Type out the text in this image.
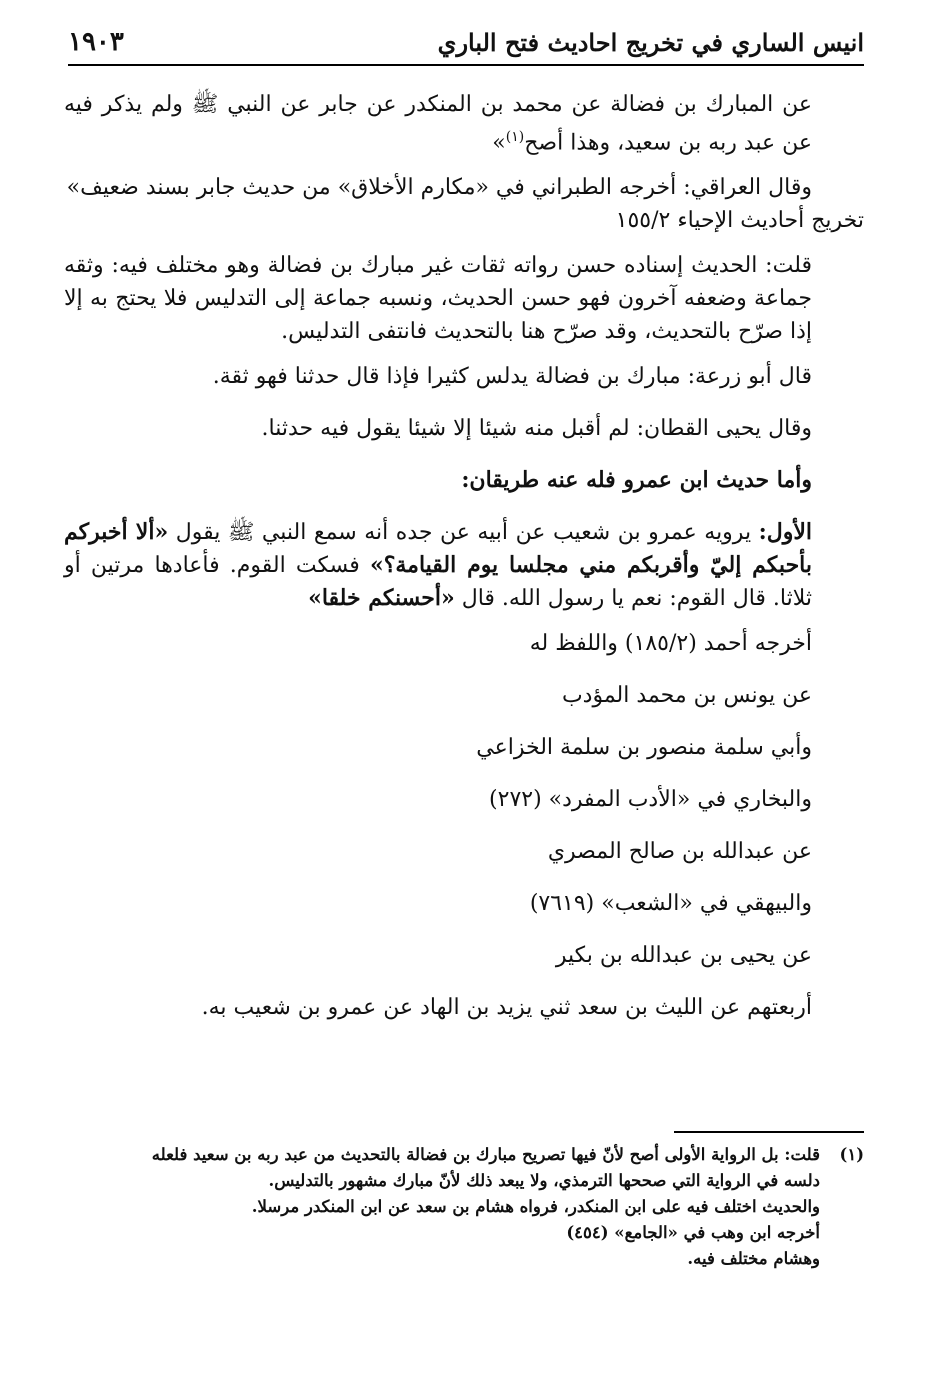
انيس الساري في تخريج احاديث فتح الباري
١٩٠٣

عن المبارك بن فضالة عن محمد بن المنكدر عن جابر عن النبي ﷺ ولم يذكر فيه عن عبد ربه بن سعيد، وهذا أصح$^{(١)}$»

وقال العراقي: أخرجه الطبراني في «مكارم الأخلاق» من حديث جابر بسند ضعيف»
تخريج أحاديث الإحياء ١٥٥/٢

قلت: الحديث إسناده حسن رواته ثقات غير مبارك بن فضالة وهو مختلف فيه: وثقه جماعة وضعفه آخرون فهو حسن الحديث، ونسبه جماعة إلى التدليس فلا يحتج به إلا إذا صرّح بالتحديث، وقد صرّح هنا بالتحديث فانتفى التدليس.

قال أبو زرعة: مبارك بن فضالة يدلس كثيرا فإذا قال حدثنا فهو ثقة.

وقال يحيى القطان: لم أقبل منه شيئا إلا شيئا يقول فيه حدثنا.

وأما حديث ابن عمرو فله عنه طريقان:

الأول: يرويه عمرو بن شعيب عن أبيه عن جده أنه سمع النبي ﷺ يقول «ألا أخبركم بأحبكم إليّ وأقربكم مني مجلسا يوم القيامة؟» فسكت القوم. فأعادها مرتين أو ثلاثا. قال القوم: نعم يا رسول الله. قال «أحسنكم خلقا»

أخرجه أحمد (١٨٥/٢) واللفظ له

عن يونس بن محمد المؤدب

وأبي سلمة منصور بن سلمة الخزاعي

والبخاري في «الأدب المفرد» (٢٧٢)

عن عبدالله بن صالح المصري

والبيهقي في «الشعب» (٧٦١٩)

عن يحيى بن عبدالله بن بكير

أربعتهم عن الليث بن سعد ثني يزيد بن الهاد عن عمرو بن شعيب به.

(١)
قلت: بل الرواية الأولى أصح لأنّ فيها تصريح مبارك بن فضالة بالتحديث من عبد ربه بن سعيد فلعله
دلسه في الرواية التي صححها الترمذي، ولا يبعد ذلك لأنّ مبارك مشهور بالتدليس.
والحديث اختلف فيه على ابن المنكدر، فرواه هشام بن سعد عن ابن المنكدر مرسلا.
أخرجه ابن وهب في «الجامع» (٤٥٤)
وهشام مختلف فيه.
